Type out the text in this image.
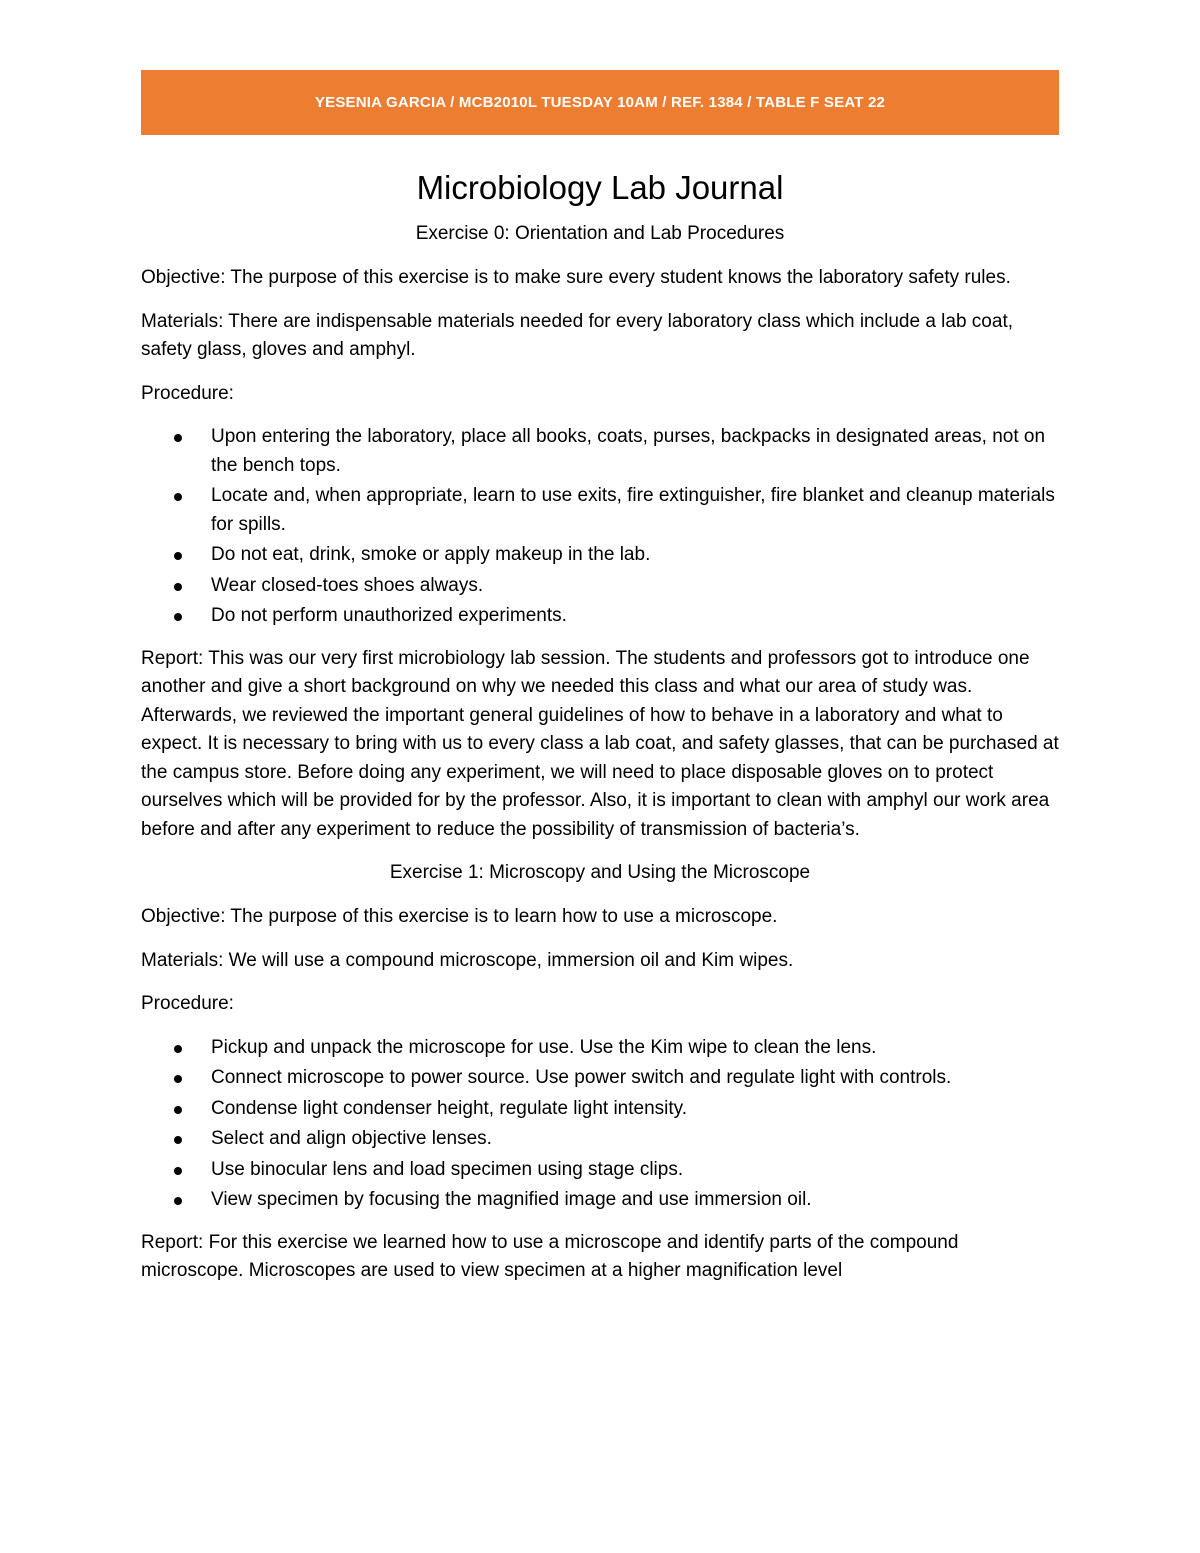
YESENIA GARCIA / MCB2010L TUESDAY 10AM / REF. 1384 / TABLE F SEAT 22
Microbiology Lab Journal
Exercise 0: Orientation and Lab Procedures

Objective: The purpose of this exercise is to make sure every student knows the laboratory safety rules.

Materials: There are indispensable materials needed for every laboratory class which include a lab coat, safety glass, gloves and amphyl.

Procedure:

Upon entering the laboratory, place all books, coats, purses, backpacks in designated areas, not on the bench tops.
Locate and, when appropriate, learn to use exits, fire extinguisher, fire blanket and cleanup materials for spills.
Do not eat, drink, smoke or apply makeup in the lab.
Wear closed-toes shoes always.
Do not perform unauthorized experiments.

Report: This was our very first microbiology lab session. The students and professors got to introduce one another and give a short background on why we needed this class and what our area of study was. Afterwards, we reviewed the important general guidelines of how to behave in a laboratory and what to expect. It is necessary to bring with us to every class a lab coat, and safety glasses, that can be purchased at the campus store. Before doing any experiment, we will need to place disposable gloves on to protect ourselves which will be provided for by the professor. Also, it is important to clean with amphyl our work area before and after any experiment to reduce the possibility of transmission of bacteria’s.

Exercise 1: Microscopy and Using the Microscope

Objective: The purpose of this exercise is to learn how to use a microscope.

Materials: We will use a compound microscope, immersion oil and Kim wipes.

Procedure:

Pickup and unpack the microscope for use. Use the Kim wipe to clean the lens.
Connect microscope to power source. Use power switch and regulate light with controls.
Condense light condenser height, regulate light intensity.
Select and align objective lenses.
Use binocular lens and load specimen using stage clips.
View specimen by focusing the magnified image and use immersion oil.

Report: For this exercise we learned how to use a microscope and identify parts of the compound microscope. Microscopes are used to view specimen at a higher magnification level
